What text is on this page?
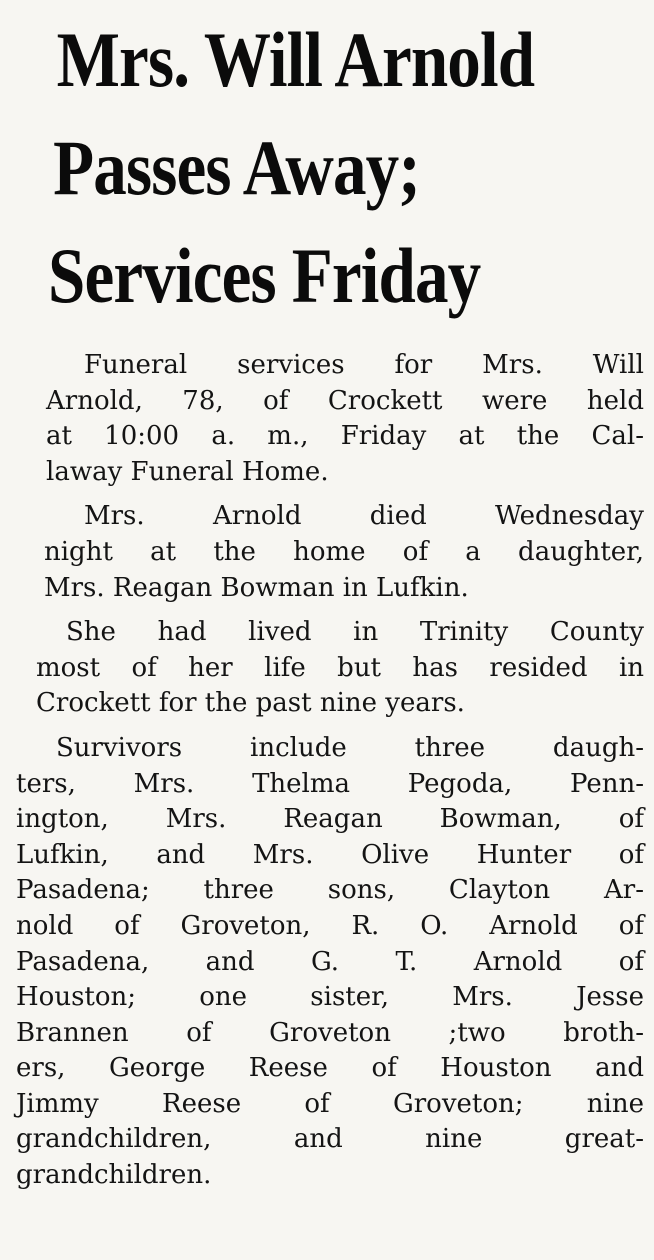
Mrs. Will Arnold
Passes Away;
Services Friday

Funeral services for Mrs. Will
Arnold, 78, of Crockett were held
at 10:00 a. m., Friday at the Cal-
laway Funeral Home.

Mrs. Arnold died Wednesday
night at the home of a daughter,
Mrs. Reagan Bowman in Lufkin.

She had lived in Trinity County
most of her life but has resided in
Crockett for the past nine years.

Survivors include three daugh-
ters, Mrs. Thelma Pegoda, Penn-
ington, Mrs. Reagan Bowman, of
Lufkin, and Mrs. Olive Hunter of
Pasadena; three sons, Clayton Ar-
nold of Groveton, R. O. Arnold of
Pasadena, and G. T. Arnold of
Houston; one sister, Mrs. Jesse
Brannen of Groveton ;two broth-
ers, George Reese of Houston and
Jimmy Reese of Groveton; nine
grandchildren, and nine great-
grandchildren.
